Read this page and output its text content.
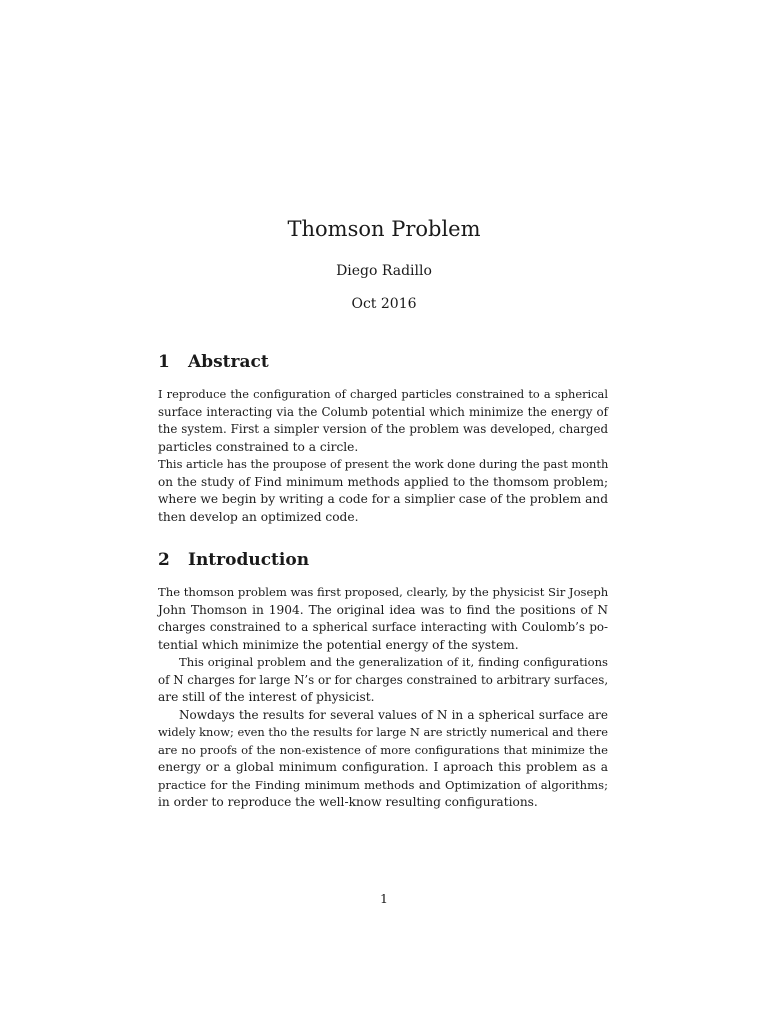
Thomson Problem
Diego Radillo
Oct 2016
1 Abstract
I reproduce the configuration of charged particles constrained to a spherical
surface interacting via the Columb potential which minimize the energy of
the system. First a simpler version of the problem was developed, charged
particles constrained to a circle.
This article has the proupose of present the work done during the past month
on the study of Find minimum methods applied to the thomsom problem;
where we begin by writing a code for a simplier case of the problem and
then develop an optimized code.
2 Introduction
The thomson problem was first proposed, clearly, by the physicist Sir Joseph
John Thomson in 1904. The original idea was to find the positions of N
charges constrained to a spherical surface interacting with Coulomb’s po-
tential which minimize the potential energy of the system.
This original problem and the generalization of it, finding configurations
of N charges for large N’s or for charges constrained to arbitrary surfaces,
are still of the interest of physicist.
Nowdays the results for several values of N in a spherical surface are
widely know; even tho the results for large N are strictly numerical and there
are no proofs of the non-existence of more configurations that minimize the
energy or a global minimum configuration. I aproach this problem as a
practice for the Finding minimum methods and Optimization of algorithms;
in order to reproduce the well-know resulting configurations.
1
